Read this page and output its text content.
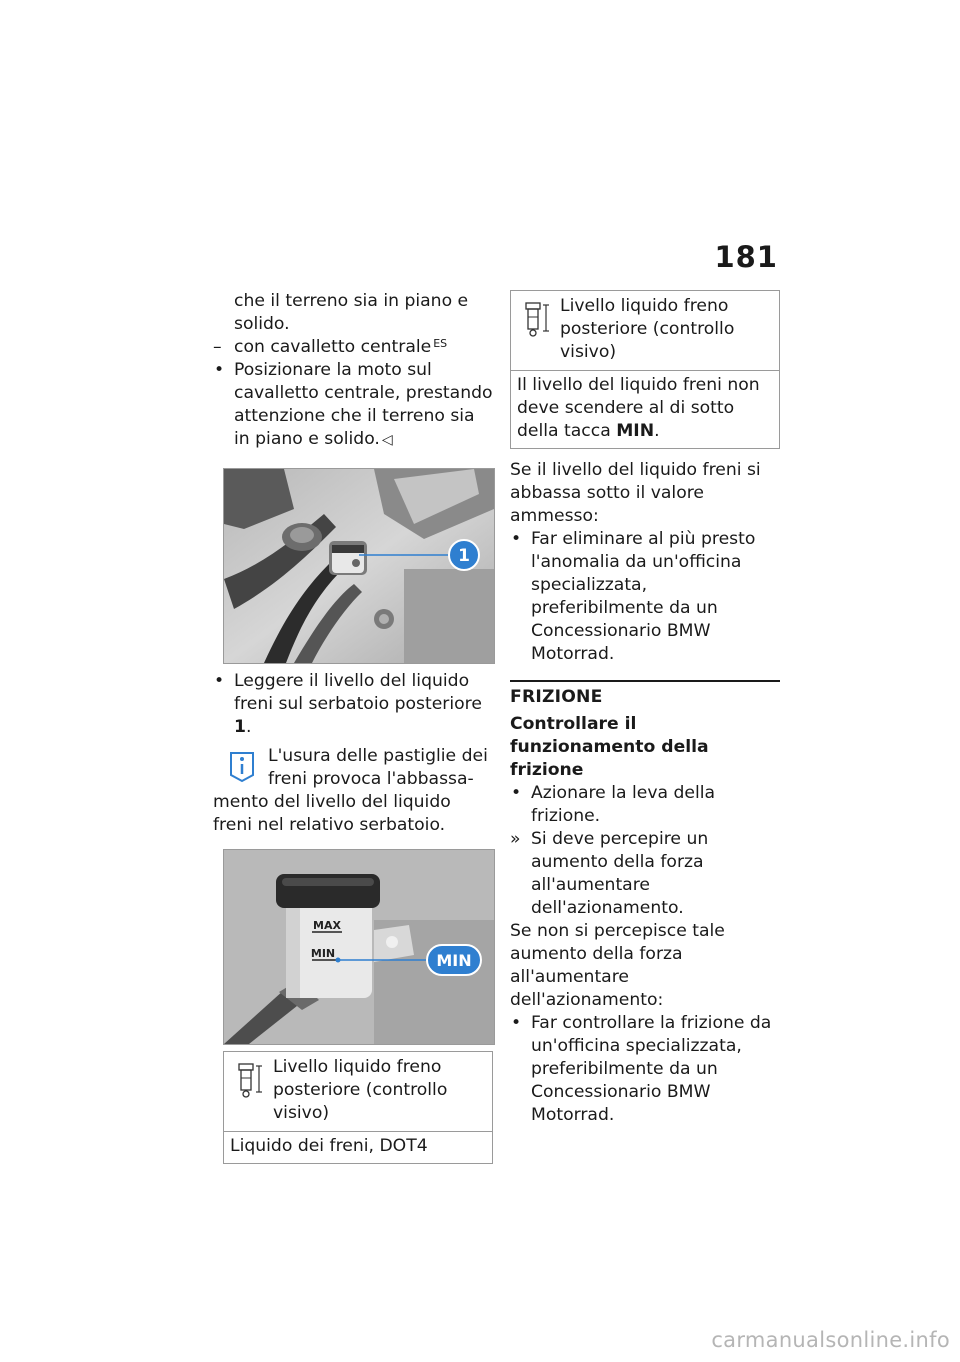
181

che il terreno sia in piano e solido.

– con cavalletto centrale $^{ES}$

• Posizionare la moto sul cavalletto centrale, prestando attenzione che il terreno sia in piano e solido. ◁

1

• Leggere il livello del liquido freni sul serbatoio posteriore 1.

L'usura delle pastiglie dei

freni provoca l'abbassa-

mento del livello del liquido freni nel relativo serbatoio.

MAX
MIN	MIN

Livello liquido freno posteriore (controllo visivo)

Liquido dei freni, DOT4

Livello liquido freno posteriore (controllo visivo)

Il livello del liquido freni non deve scendere al di sotto della tacca MIN.

Se il livello del liquido freni si abbassa sotto il valore ammesso:

• Far eliminare al più presto l'anomalia da un'officina specializzata, preferibilmente da un Concessionario BMW Motorrad.

FRIZIONE

Controllare il funzionamento della frizione

• Azionare la leva della frizione.

» Si deve percepire un aumento della forza all'aumentare dell'azionamento.

Se non si percepisce tale aumento della forza all'aumentare dell'azionamento:

• Far controllare la frizione da un'officina specializzata, preferibilmente da un Concessionario BMW Motorrad.

carmanualsonline.info
